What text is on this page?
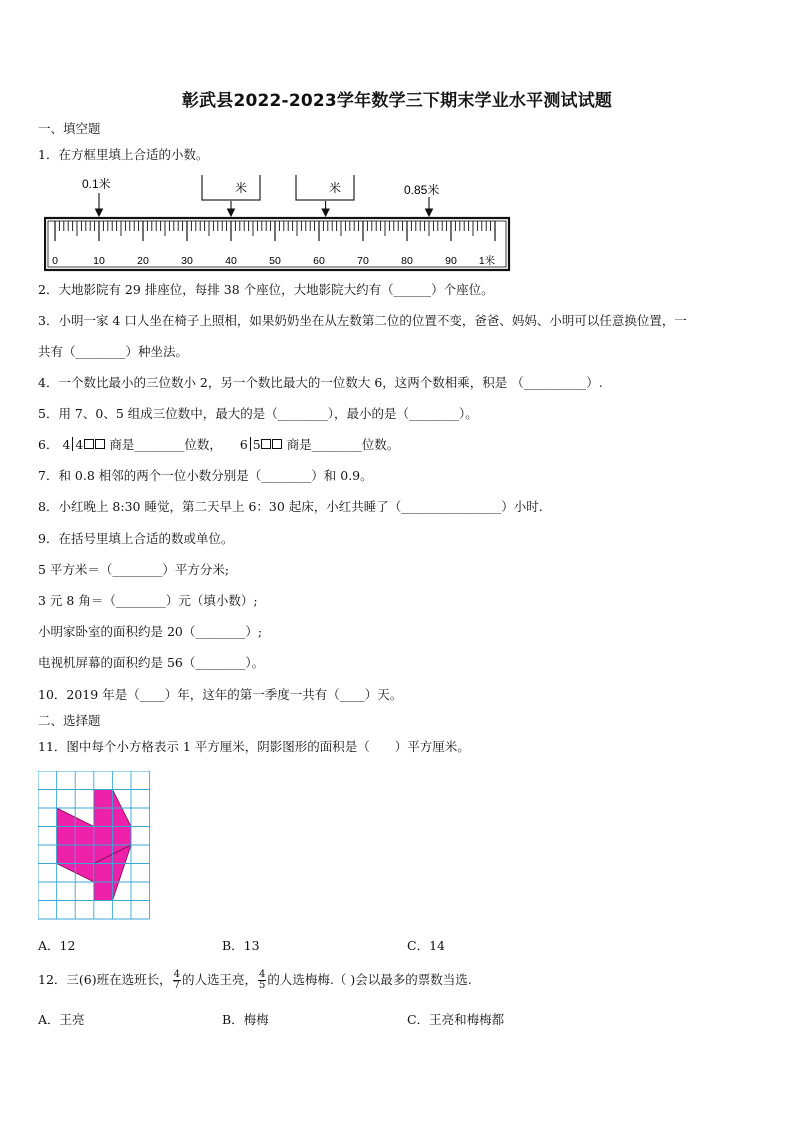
彰武县2022-2023学年数学三下期末学业水平测试试题
一、填空题
1．在方框里填上合适的小数。
0.1米	0.85米
米	米
0	10	20	30	40	50	60	70	80	90 1米
2．大地影院有 29 排座位，每排 38 个座位，大地影院大约有（______）个座位。
3．小明一家 4 口人坐在椅子上照相，如果奶奶坐在从左数第二位的位置不变，爸爸、妈妈、小明可以任意换位置，一
共有（________）种坐法。
4．一个数比最小的三位数小 2，另一个数比最大的一位数大 6，这两个数相乘，积是 （__________）.
5．用 7、0、5 组成三位数中，最大的是（________），最小的是（________）。
6． 4 4 商是________位数， 6 5 商是________位数。
7．和 0.8 相邻的两个一位小数分别是（________）和 0.9。
8．小红晚上 8:30 睡觉，第二天早上 6：30 起床，小红共睡了（________________）小时.
9．在括号里填上合适的数或单位。
5 平方米＝（________）平方分米;
3 元 8 角＝（________）元（填小数）;
小明家卧室的面积约是 20（________）;
电视机屏幕的面积约是 56（________）。
10．2019 年是（____）年，这年的第一季度一共有（____）天。
二、选择题
11．图中每个小方格表示 1 平方厘米，阴影图形的面积是（　　）平方厘米。
A．12	B．13	C．14
12．三(6)班在选班长， $\frac{4}{7}$ 的人选王亮， $\frac{4}{5}$ 的人选梅梅.（ )会以最多的票数当选.
A．王亮	B．梅梅	C．王亮和梅梅都
